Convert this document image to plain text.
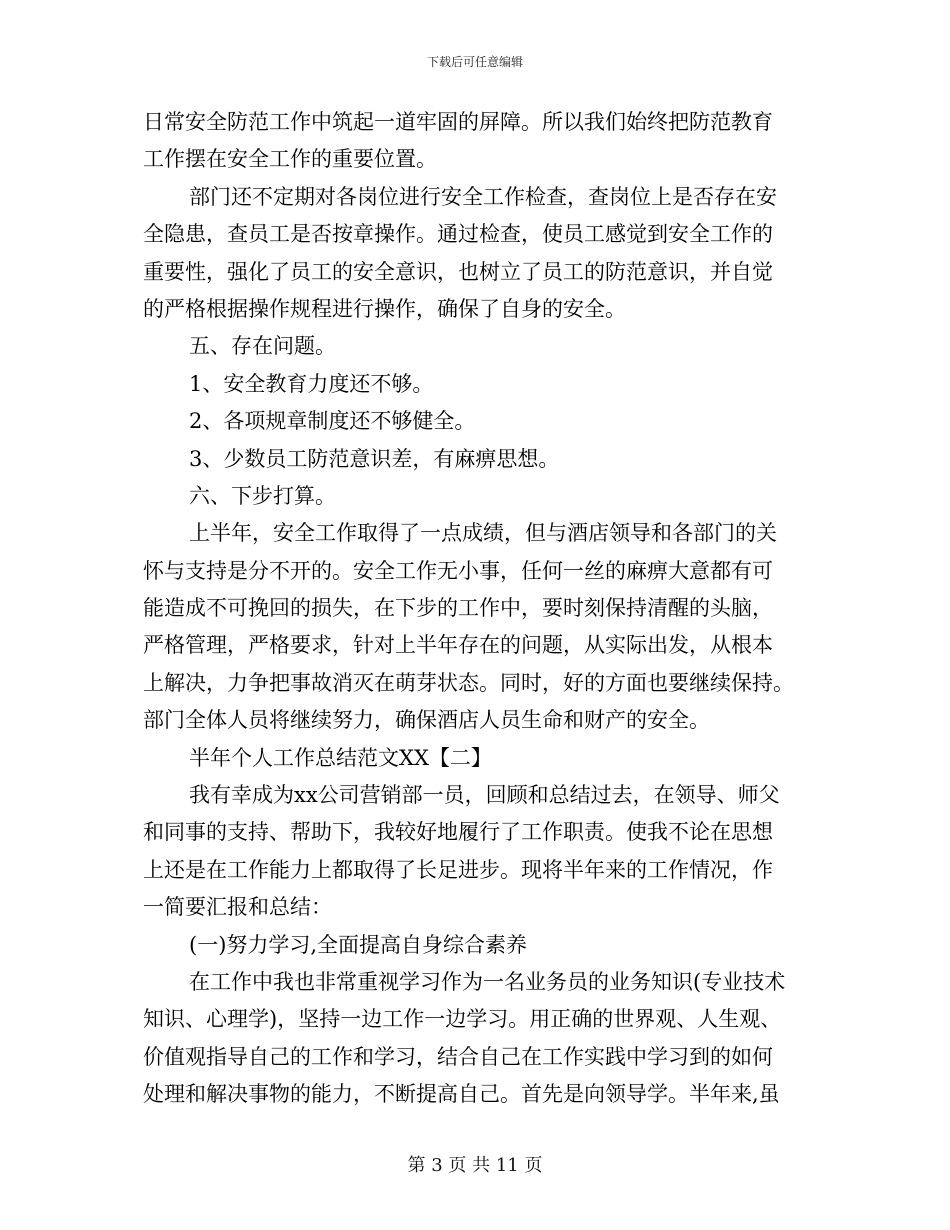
下载后可任意编辑
日常安全防范工作中筑起一道牢固的屏障。所以我们始终把防范教育
工作摆在安全工作的重要位置。
部门还不定期对各岗位进行安全工作检查，查岗位上是否存在安
全隐患，查员工是否按章操作。通过检查，使员工感觉到安全工作的
重要性，强化了员工的安全意识，也树立了员工的防范意识，并自觉
的严格根据操作规程进行操作，确保了自身的安全。
五、存在问题。
1、安全教育力度还不够。
2、各项规章制度还不够健全。
3、少数员工防范意识差，有麻痹思想。
六、下步打算。
上半年，安全工作取得了一点成绩，但与酒店领导和各部门的关
怀与支持是分不开的。安全工作无小事，任何一丝的麻痹大意都有可
能造成不可挽回的损失，在下步的工作中，要时刻保持清醒的头脑，
严格管理，严格要求，针对上半年存在的问题，从实际出发，从根本
上解决，力争把事故消灭在萌芽状态。同时，好的方面也要继续保持。
部门全体人员将继续努力，确保酒店人员生命和财产的安全。
半年个人工作总结范文XX【二】
我有幸成为xx公司营销部一员，回顾和总结过去，在领导、师父
和同事的支持、帮助下，我较好地履行了工作职责。使我不论在思想
上还是在工作能力上都取得了长足进步。现将半年来的工作情况，作
一简要汇报和总结：
(一)努力学习,全面提高自身综合素养
在工作中我也非常重视学习作为一名业务员的业务知识(专业技术
知识、心理学)，坚持一边工作一边学习。用正确的世界观、人生观、
价值观指导自己的工作和学习，结合自己在工作实践中学习到的如何
处理和解决事物的能力，不断提高自己。首先是向领导学。半年来,虽
第 3 页 共 11 页
